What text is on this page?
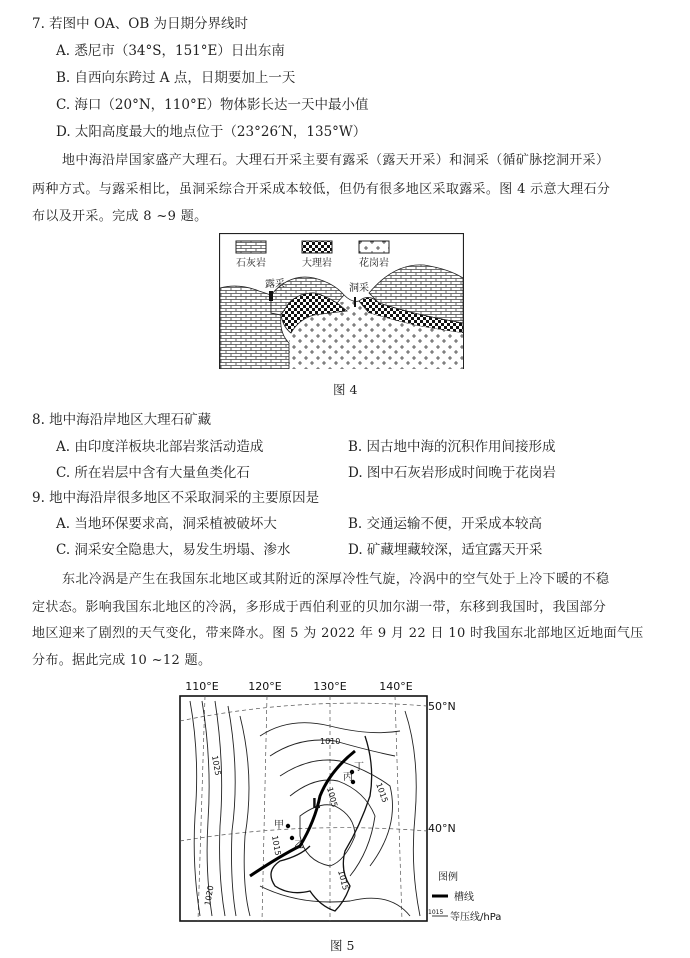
7. 若图中 OA、OB 为日期分界线时
A. 悉尼市（34°S，151°E）日出东南
B. 自西向东跨过 A 点，日期要加上一天
C. 海口（20°N，110°E）物体影长达一天中最小值
D. 太阳高度最大的地点位于（23°26′N，135°W）
地中海沿岸国家盛产大理石。大理石开采主要有露采（露天开采）和洞采（循矿脉挖洞开采）
两种方式。与露采相比，虽洞采综合开采成本较低，但仍有很多地区采取露采。图 4 示意大理石分
布以及开采。完成 8 ~9 题。
石灰岩	大理岩	花岗岩
露采	洞采
图 4
8. 地中海沿岸地区大理石矿藏
A. 由印度洋板块北部岩浆活动造成	B. 因古地中海的沉积作用间接形成
C. 所在岩层中含有大量鱼类化石	D. 图中石灰岩形成时间晚于花岗岩
9. 地中海沿岸很多地区不采取洞采的主要原因是
A. 当地环保要求高，洞采植被破坏大	B. 交通运输不便，开采成本较高
C. 洞采安全隐患大，易发生坍塌、渗水	D. 矿藏埋藏较深，适宜露天开采
东北冷涡是产生在我国东北地区或其附近的深厚冷性气旋，冷涡中的空气处于上冷下暖的不稳
定状态。影响我国东北地区的冷涡，多形成于西伯利亚的贝加尔湖一带，东移到我国时，我国部分
地区迎来了剧烈的天气变化，带来降水。图 5 为 2022 年 9 月 22 日 10 时我国东北部地区近地面气压
分布。据此完成 10 ~12 题。
110°E	120°E	130°E	140°E
50°N
40°N
甲
乙
丙
丁
L
1025
1010
1005
1015
1015
1020
1015	图例
槽线
1015 等压线/hPa
图 5
